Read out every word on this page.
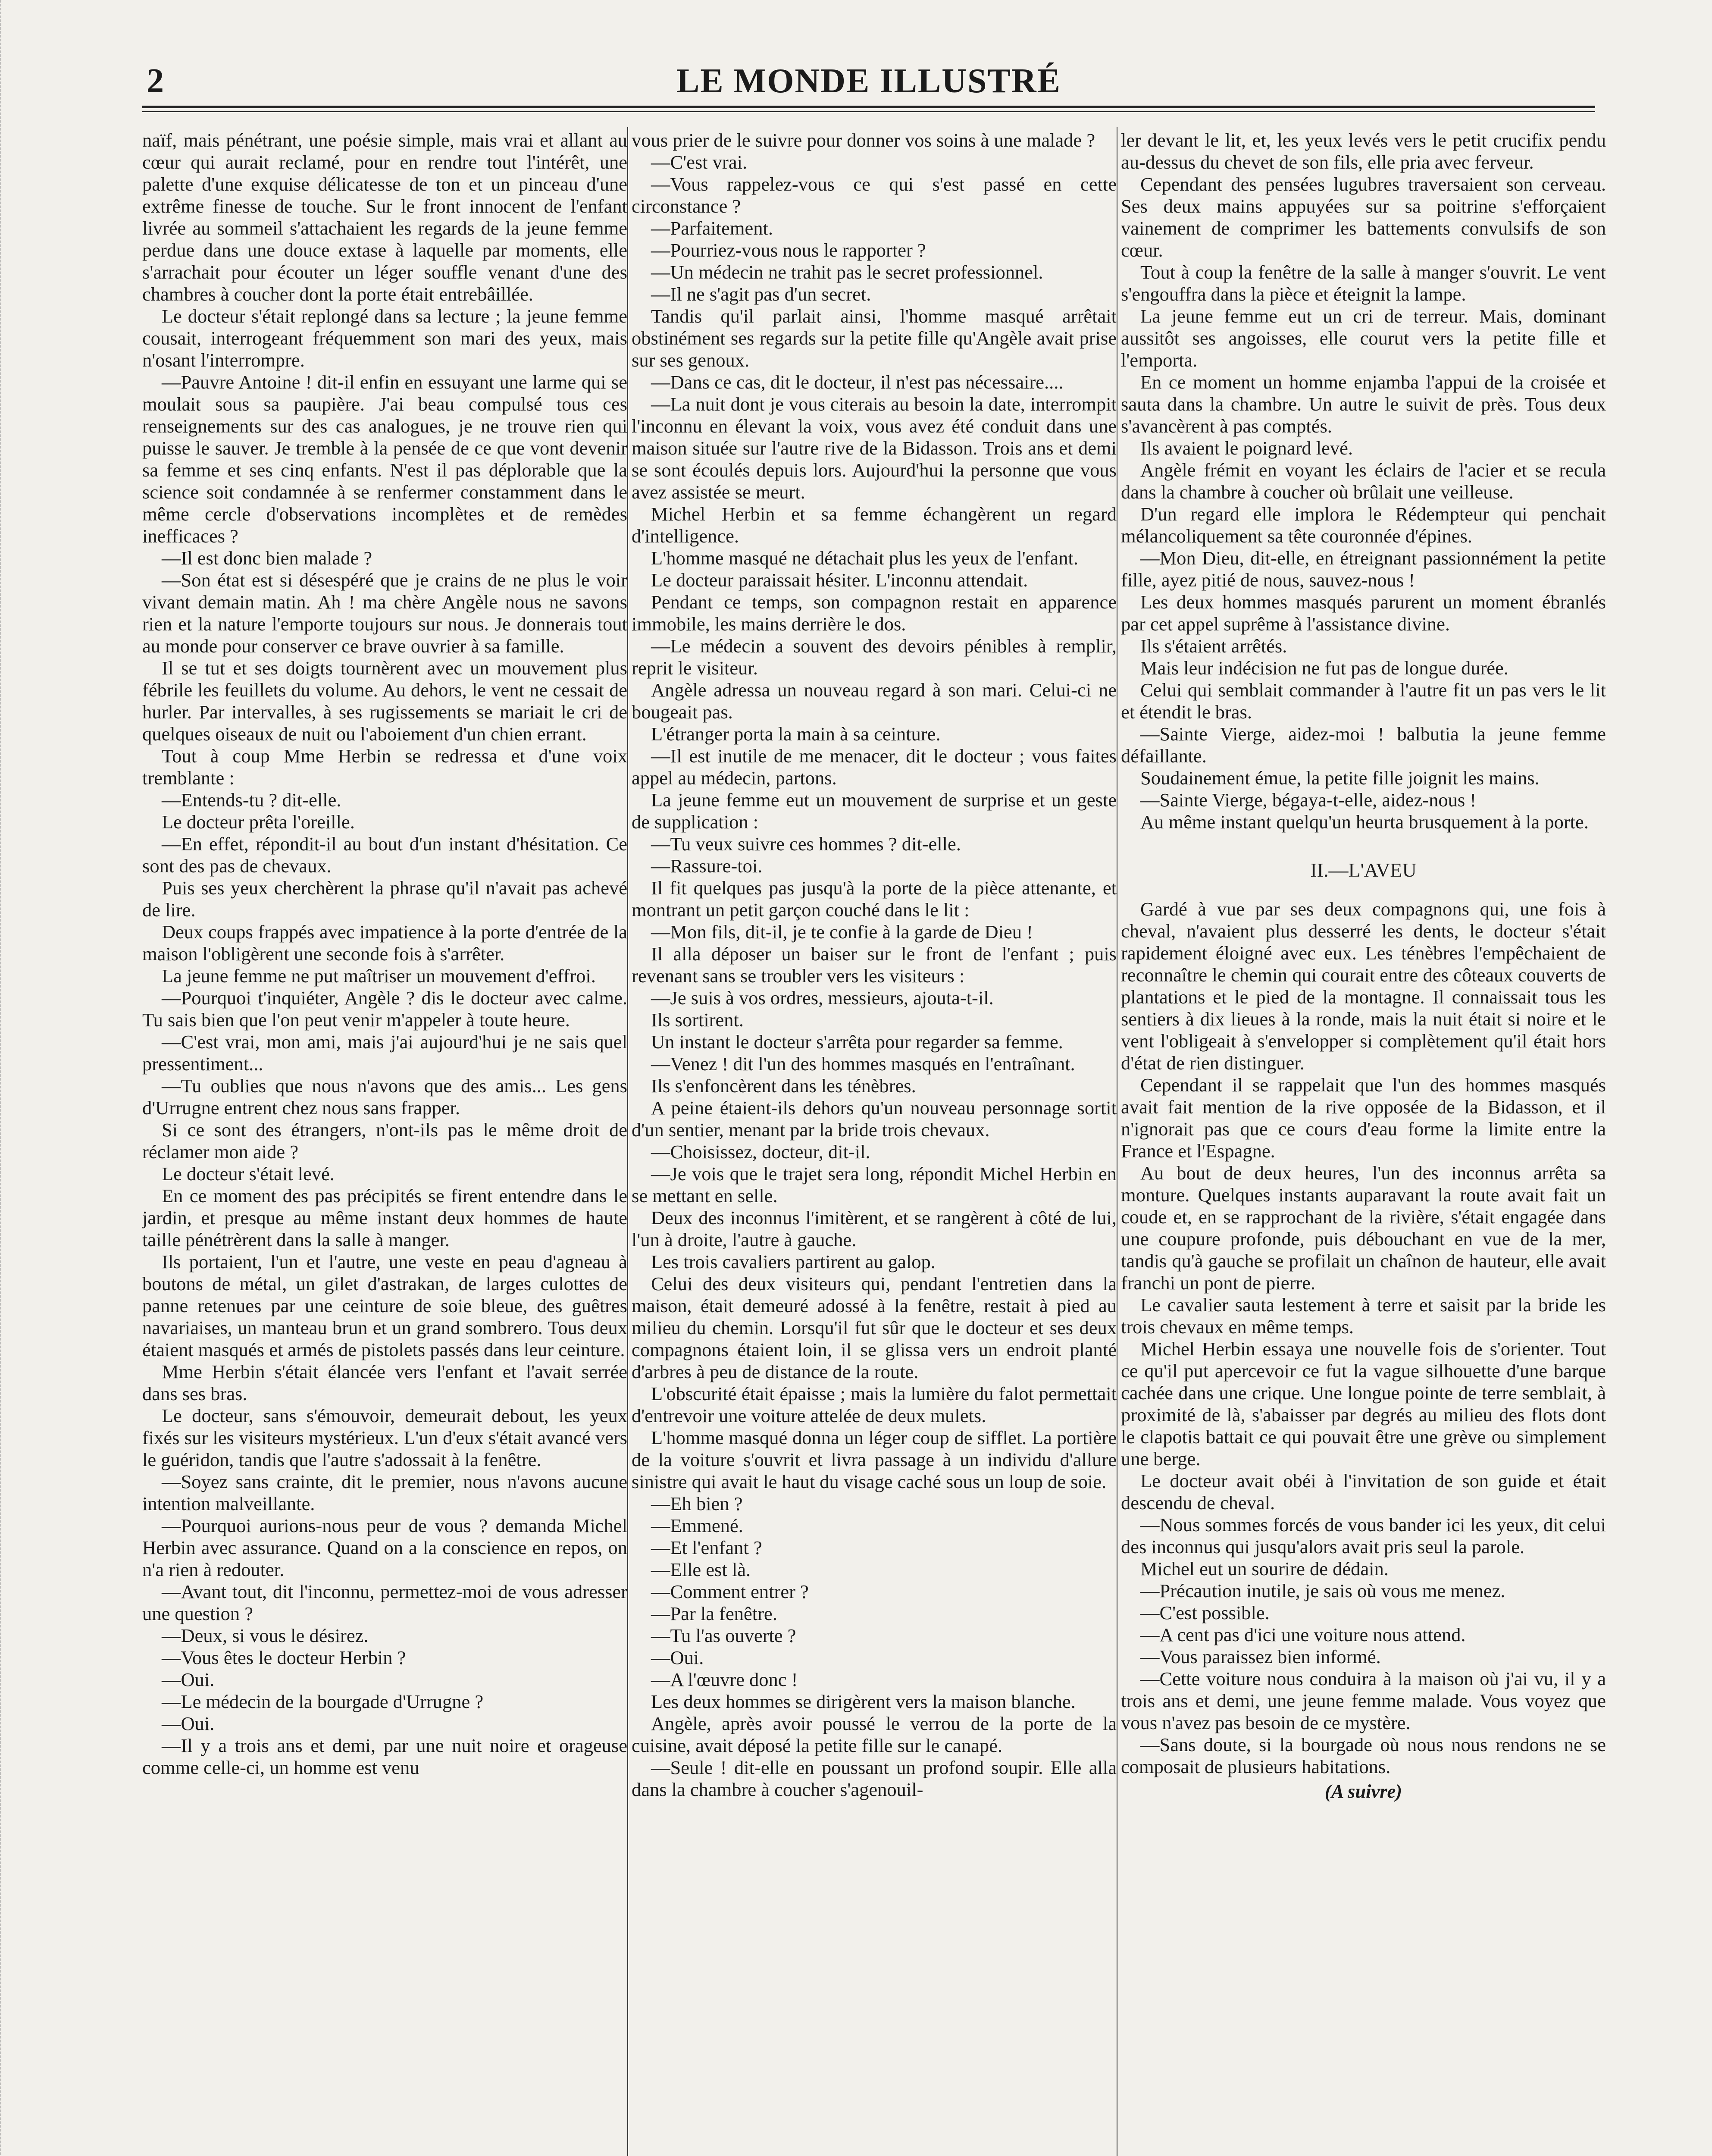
2	LE MONDE ILLUSTRÉ

naïf, mais pénétrant, une poésie simple, mais vrai et allant au cœur qui aurait reclamé, pour en rendre tout l'intérêt, une palette d'une exquise délicatesse de ton et un pinceau d'une extrême finesse de touche. Sur le front innocent de l'enfant livrée au sommeil s'attachaient les regards de la jeune femme perdue dans une douce extase à laquelle par moments, elle s'arrachait pour écouter un léger souffle venant d'une des chambres à coucher dont la porte était entrebâillée.

Le docteur s'était replongé dans sa lecture ; la jeune femme cousait, interrogeant fréquemment son mari des yeux, mais n'osant l'interrompre.

—Pauvre Antoine ! dit-il enfin en essuyant une larme qui se moulait sous sa paupière. J'ai beau compulsé tous ces renseignements sur des cas analogues, je ne trouve rien qui puisse le sauver. Je tremble à la pensée de ce que vont devenir sa femme et ses cinq enfants. N'est il pas déplorable que la science soit condamnée à se renfermer constamment dans le même cercle d'observations incomplètes et de remèdes inefficaces ?

—Il est donc bien malade ?

—Son état est si désespéré que je crains de ne plus le voir vivant demain matin. Ah ! ma chère Angèle nous ne savons rien et la nature l'emporte toujours sur nous. Je donnerais tout au monde pour conserver ce brave ouvrier à sa famille.

Il se tut et ses doigts tournèrent avec un mouvement plus fébrile les feuillets du volume. Au dehors, le vent ne cessait de hurler. Par intervalles, à ses rugissements se mariait le cri de quelques oiseaux de nuit ou l'aboiement d'un chien errant.

Tout à coup Mme Herbin se redressa et d'une voix tremblante :

—Entends-tu ? dit-elle.

Le docteur prêta l'oreille.

—En effet, répondit-il au bout d'un instant d'hésitation. Ce sont des pas de chevaux.

Puis ses yeux cherchèrent la phrase qu'il n'avait pas achevé de lire.

Deux coups frappés avec impatience à la porte d'entrée de la maison l'obligèrent une seconde fois à s'arrêter.

La jeune femme ne put maîtriser un mouvement d'effroi.

—Pourquoi t'inquiéter, Angèle ? dis le docteur avec calme. Tu sais bien que l'on peut venir m'appeler à toute heure.

—C'est vrai, mon ami, mais j'ai aujourd'hui je ne sais quel pressentiment...

—Tu oublies que nous n'avons que des amis... Les gens d'Urrugne entrent chez nous sans frapper.

Si ce sont des étrangers, n'ont-ils pas le même droit de réclamer mon aide ?

Le docteur s'était levé.

En ce moment des pas précipités se firent entendre dans le jardin, et presque au même instant deux hommes de haute taille pénétrèrent dans la salle à manger.

Ils portaient, l'un et l'autre, une veste en peau d'agneau à boutons de métal, un gilet d'astrakan, de larges culottes de panne retenues par une ceinture de soie bleue, des guêtres navariaises, un manteau brun et un grand sombrero. Tous deux étaient masqués et armés de pistolets passés dans leur ceinture.

Mme Herbin s'était élancée vers l'enfant et l'avait serrée dans ses bras.

Le docteur, sans s'émouvoir, demeurait debout, les yeux fixés sur les visiteurs mystérieux. L'un d'eux s'était avancé vers le guéridon, tandis que l'autre s'adossait à la fenêtre.

—Soyez sans crainte, dit le premier, nous n'avons aucune intention malveillante.

—Pourquoi aurions-nous peur de vous ? demanda Michel Herbin avec assurance. Quand on a la conscience en repos, on n'a rien à redouter.

—Avant tout, dit l'inconnu, permettez-moi de vous adresser une question ?

—Deux, si vous le désirez.

—Vous êtes le docteur Herbin ?

—Oui.

—Le médecin de la bourgade d'Urrugne ?

—Oui.

—Il y a trois ans et demi, par une nuit noire et orageuse comme celle-ci, un homme est venu

vous prier de le suivre pour donner vos soins à une malade ?

—C'est vrai.

—Vous rappelez-vous ce qui s'est passé en cette circonstance ?

—Parfaitement.

—Pourriez-vous nous le rapporter ?

—Un médecin ne trahit pas le secret professionnel.

—Il ne s'agit pas d'un secret.

Tandis qu'il parlait ainsi, l'homme masqué arrêtait obstinément ses regards sur la petite fille qu'Angèle avait prise sur ses genoux.

—Dans ce cas, dit le docteur, il n'est pas nécessaire....

—La nuit dont je vous citerais au besoin la date, interrompit l'inconnu en élevant la voix, vous avez été conduit dans une maison située sur l'autre rive de la Bidasson. Trois ans et demi se sont écoulés depuis lors. Aujourd'hui la personne que vous avez assistée se meurt.

Michel Herbin et sa femme échangèrent un regard d'intelligence.

L'homme masqué ne détachait plus les yeux de l'enfant.

Le docteur paraissait hésiter. L'inconnu attendait.

Pendant ce temps, son compagnon restait en apparence immobile, les mains derrière le dos.

—Le médecin a souvent des devoirs pénibles à remplir, reprit le visiteur.

Angèle adressa un nouveau regard à son mari. Celui-ci ne bougeait pas.

L'étranger porta la main à sa ceinture.

—Il est inutile de me menacer, dit le docteur ; vous faites appel au médecin, partons.

La jeune femme eut un mouvement de surprise et un geste de supplication :

—Tu veux suivre ces hommes ? dit-elle.

—Rassure-toi.

Il fit quelques pas jusqu'à la porte de la pièce attenante, et montrant un petit garçon couché dans le lit :

—Mon fils, dit-il, je te confie à la garde de Dieu !

Il alla déposer un baiser sur le front de l'enfant ; puis revenant sans se troubler vers les visiteurs :

—Je suis à vos ordres, messieurs, ajouta-t-il.

Ils sortirent.

Un instant le docteur s'arrêta pour regarder sa femme.

—Venez ! dit l'un des hommes masqués en l'entraînant.

Ils s'enfoncèrent dans les ténèbres.

A peine étaient-ils dehors qu'un nouveau personnage sortit d'un sentier, menant par la bride trois chevaux.

—Choisissez, docteur, dit-il.

—Je vois que le trajet sera long, répondit Michel Herbin en se mettant en selle.

Deux des inconnus l'imitèrent, et se rangèrent à côté de lui, l'un à droite, l'autre à gauche.

Les trois cavaliers partirent au galop.

Celui des deux visiteurs qui, pendant l'entretien dans la maison, était demeuré adossé à la fenêtre, restait à pied au milieu du chemin. Lorsqu'il fut sûr que le docteur et ses deux compagnons étaient loin, il se glissa vers un endroit planté d'arbres à peu de distance de la route.

L'obscurité était épaisse ; mais la lumière du falot permettait d'entrevoir une voiture attelée de deux mulets.

L'homme masqué donna un léger coup de sifflet. La portière de la voiture s'ouvrit et livra passage à un individu d'allure sinistre qui avait le haut du visage caché sous un loup de soie.

—Eh bien ?

—Emmené.

—Et l'enfant ?

—Elle est là.

—Comment entrer ?

—Par la fenêtre.

—Tu l'as ouverte ?

—Oui.

—A l'œuvre donc !

Les deux hommes se dirigèrent vers la maison blanche.

Angèle, après avoir poussé le verrou de la porte de la cuisine, avait déposé la petite fille sur le canapé.

—Seule ! dit-elle en poussant un profond soupir. Elle alla dans la chambre à coucher s'agenouil-

ler devant le lit, et, les yeux levés vers le petit crucifix pendu au-dessus du chevet de son fils, elle pria avec ferveur.

Cependant des pensées lugubres traversaient son cerveau. Ses deux mains appuyées sur sa poitrine s'efforçaient vainement de comprimer les battements convulsifs de son cœur.

Tout à coup la fenêtre de la salle à manger s'ouvrit. Le vent s'engouffra dans la pièce et éteignit la lampe.

La jeune femme eut un cri de terreur. Mais, dominant aussitôt ses angoisses, elle courut vers la petite fille et l'emporta.

En ce moment un homme enjamba l'appui de la croisée et sauta dans la chambre. Un autre le suivit de près. Tous deux s'avancèrent à pas comptés.

Ils avaient le poignard levé.

Angèle frémit en voyant les éclairs de l'acier et se recula dans la chambre à coucher où brûlait une veilleuse.

D'un regard elle implora le Rédempteur qui penchait mélancoliquement sa tête couronnée d'épines.

—Mon Dieu, dit-elle, en étreignant passionnément la petite fille, ayez pitié de nous, sauvez-nous !

Les deux hommes masqués parurent un moment ébranlés par cet appel suprême à l'assistance divine.

Ils s'étaient arrêtés.

Mais leur indécision ne fut pas de longue durée.

Celui qui semblait commander à l'autre fit un pas vers le lit et étendit le bras.

—Sainte Vierge, aidez-moi ! balbutia la jeune femme défaillante.

Soudainement émue, la petite fille joignit les mains.

—Sainte Vierge, bégaya-t-elle, aidez-nous !

Au même instant quelqu'un heurta brusquement à la porte.

II.—L'AVEU

Gardé à vue par ses deux compagnons qui, une fois à cheval, n'avaient plus desserré les dents, le docteur s'était rapidement éloigné avec eux. Les ténèbres l'empêchaient de reconnaître le chemin qui courait entre des côteaux couverts de plantations et le pied de la montagne. Il connaissait tous les sentiers à dix lieues à la ronde, mais la nuit était si noire et le vent l'obligeait à s'envelopper si complètement qu'il était hors d'état de rien distinguer.

Cependant il se rappelait que l'un des hommes masqués avait fait mention de la rive opposée de la Bidasson, et il n'ignorait pas que ce cours d'eau forme la limite entre la France et l'Espagne.

Au bout de deux heures, l'un des inconnus arrêta sa monture. Quelques instants auparavant la route avait fait un coude et, en se rapprochant de la rivière, s'était engagée dans une coupure profonde, puis débouchant en vue de la mer, tandis qu'à gauche se profilait un chaînon de hauteur, elle avait franchi un pont de pierre.

Le cavalier sauta lestement à terre et saisit par la bride les trois chevaux en même temps.

Michel Herbin essaya une nouvelle fois de s'orienter. Tout ce qu'il put apercevoir ce fut la vague silhouette d'une barque cachée dans une crique. Une longue pointe de terre semblait, à proximité de là, s'abaisser par degrés au milieu des flots dont le clapotis battait ce qui pouvait être une grève ou simplement une berge.

Le docteur avait obéi à l'invitation de son guide et était descendu de cheval.

—Nous sommes forcés de vous bander ici les yeux, dit celui des inconnus qui jusqu'alors avait pris seul la parole.

Michel eut un sourire de dédain.

—Précaution inutile, je sais où vous me menez.

—C'est possible.

—A cent pas d'ici une voiture nous attend.

—Vous paraissez bien informé.

—Cette voiture nous conduira à la maison où j'ai vu, il y a trois ans et demi, une jeune femme malade. Vous voyez que vous n'avez pas besoin de ce mystère.

—Sans doute, si la bourgade où nous nous rendons ne se composait de plusieurs habitations.

(A suivre)
